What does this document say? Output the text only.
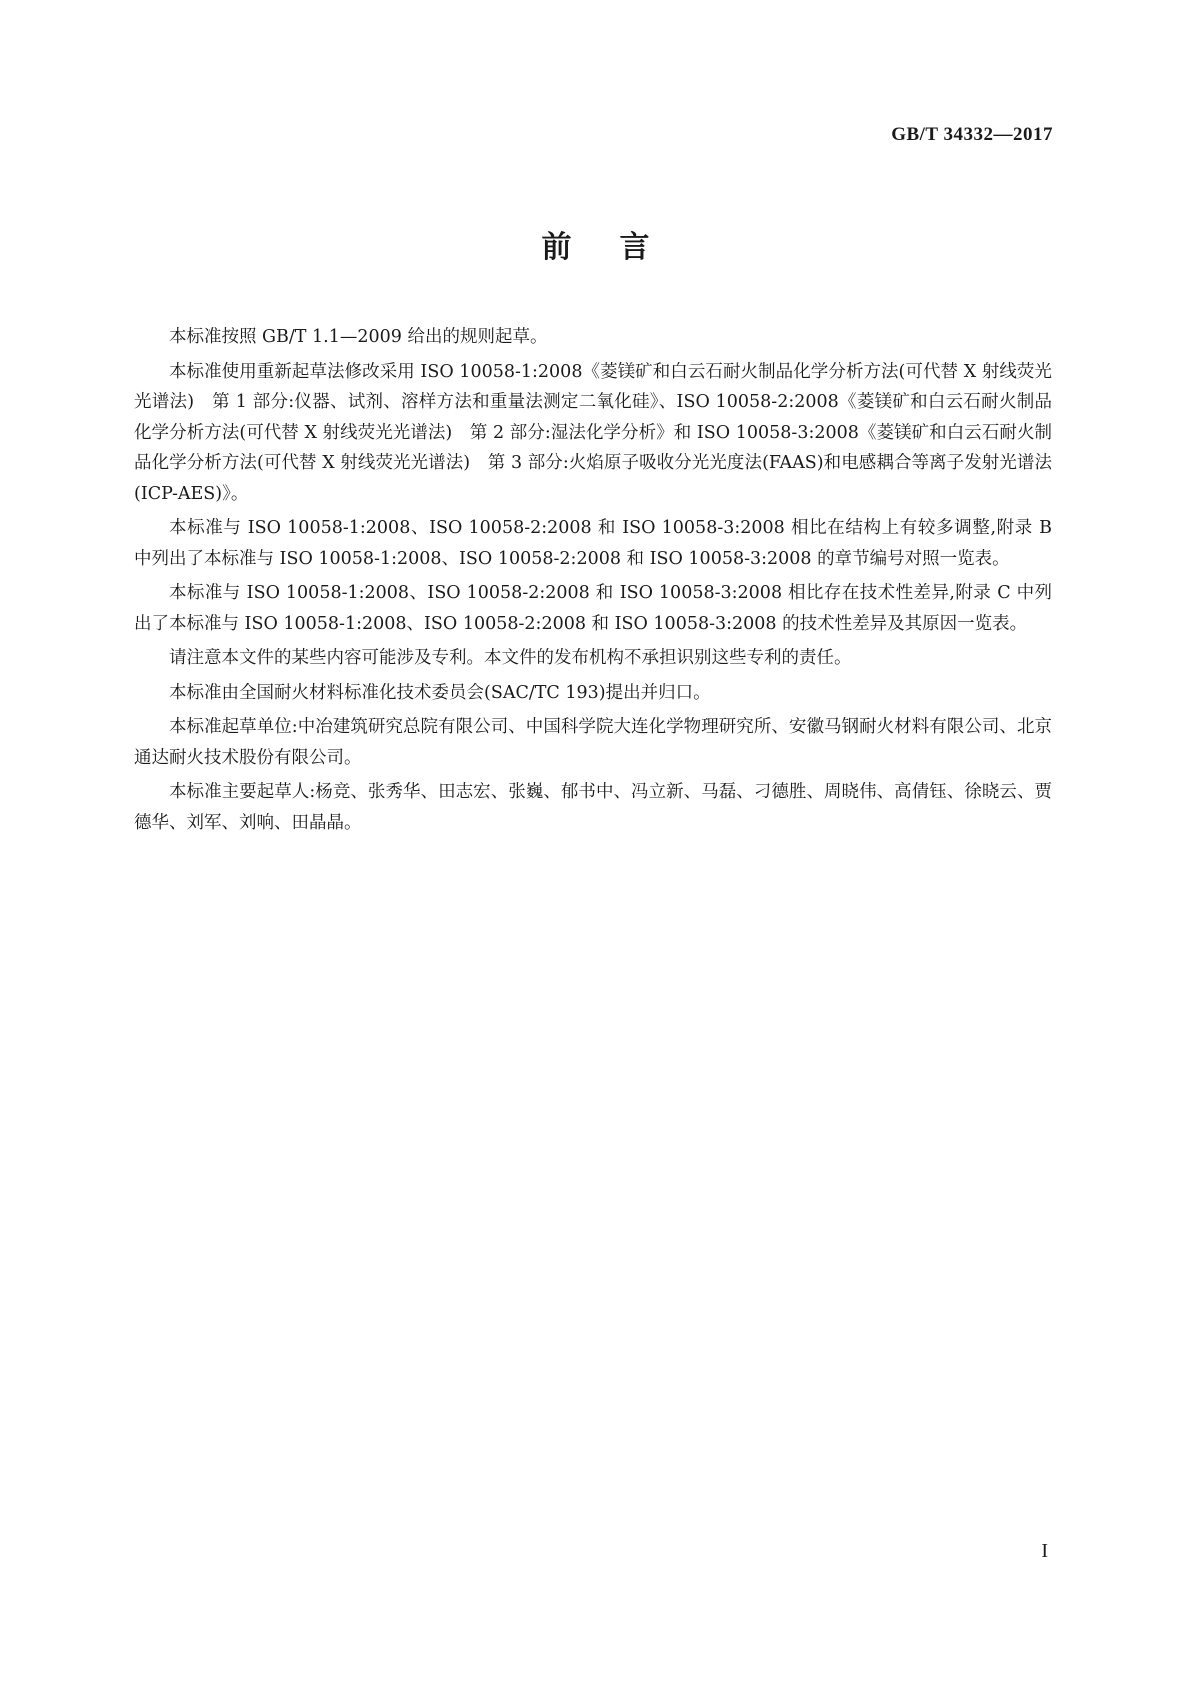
GB/T 34332—2017
前言

本标准按照 GB/T 1.1—2009 给出的规则起草。

本标准使用重新起草法修改采用 ISO 10058-1:2008《菱镁矿和白云石耐火制品化学分析方法(可代替 X 射线荧光光谱法)　第 1 部分:仪器、试剂、溶样方法和重量法测定二氧化硅》、ISO 10058-2:2008《菱镁矿和白云石耐火制品化学分析方法(可代替 X 射线荧光光谱法)　第 2 部分:湿法化学分析》和 ISO 10058-3:2008《菱镁矿和白云石耐火制品化学分析方法(可代替 X 射线荧光光谱法)　第 3 部分:火焰原子吸收分光光度法(FAAS)和电感耦合等离子发射光谱法(ICP-AES)》。

本标准与 ISO 10058-1:2008、ISO 10058-2:2008 和 ISO 10058-3:2008 相比在结构上有较多调整,附录 B 中列出了本标准与 ISO 10058-1:2008、ISO 10058-2:2008 和 ISO 10058-3:2008 的章节编号对照一览表。

本标准与 ISO 10058-1:2008、ISO 10058-2:2008 和 ISO 10058-3:2008 相比存在技术性差异,附录 C 中列出了本标准与 ISO 10058-1:2008、ISO 10058-2:2008 和 ISO 10058-3:2008 的技术性差异及其原因一览表。

请注意本文件的某些内容可能涉及专利。本文件的发布机构不承担识别这些专利的责任。

本标准由全国耐火材料标准化技术委员会(SAC/TC 193)提出并归口。

本标准起草单位:中冶建筑研究总院有限公司、中国科学院大连化学物理研究所、安徽马钢耐火材料有限公司、北京通达耐火技术股份有限公司。

本标准主要起草人:杨竞、张秀华、田志宏、张巍、郁书中、冯立新、马磊、刁德胜、周晓伟、高倩钰、徐晓云、贾德华、刘军、刘响、田晶晶。

I
